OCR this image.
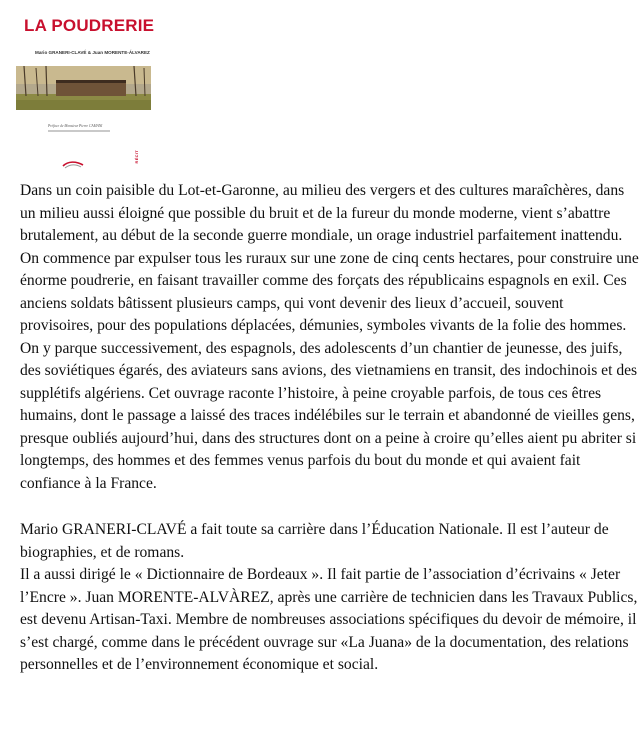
LA POUDRERIE
Mario GRANERI-CLAVÉ & Juan MORENTE-ÁLVAREZ
Préface de Monsieur Pierre CAMANI
RÉCIT

Dans un coin paisible du Lot-et-Garonne, au milieu des vergers et des cultures maraîchères, dans un milieu aussi éloigné que possible du bruit et de la fureur du monde moderne, vient s’abattre brutalement, au début de la seconde guerre mondiale, un orage industriel parfaitement inattendu. On commence par expulser tous les ruraux sur une zone de cinq cents hectares, pour construire une énorme poudrerie, en faisant travailler comme des forçats des républicains espagnols en exil. Ces anciens soldats bâtissent plusieurs camps, qui vont devenir des lieux d’accueil, souvent provisoires, pour des populations déplacées, démunies, symboles vivants de la folie des hommes.

On y parque successivement, des espagnols, des adolescents d’un chantier de jeunesse, des juifs, des soviétiques égarés, des aviateurs sans avions, des vietnamiens en transit, des indochinois et des supplétifs algériens. Cet ouvrage raconte l’histoire, à peine croyable parfois, de tous ces êtres humains, dont le passage a laissé des traces indélébiles sur le terrain et abandonné de vieilles gens, presque oubliés aujourd’hui, dans des structures dont on a peine à croire qu’elles aient pu abriter si longtemps, des hommes et des femmes venus parfois du bout du monde et qui avaient fait confiance à la France.

Mario GRANERI-CLAVÉ a fait toute sa carrière dans l’Éducation Nationale. Il est l’auteur de biographies, et de romans.

Il a aussi dirigé le « Dictionnaire de Bordeaux ». Il fait partie de l’association d’écrivains « Jeter l’Encre ». Juan MORENTE-ALVÀREZ, après une carrière de technicien dans les Travaux Publics, est devenu Artisan-Taxi. Membre de nombreuses associations spécifiques du devoir de mémoire, il s’est chargé, comme dans le précédent ouvrage sur «La Juana» de la documentation, des relations personnelles et de l’environnement économique et social.
